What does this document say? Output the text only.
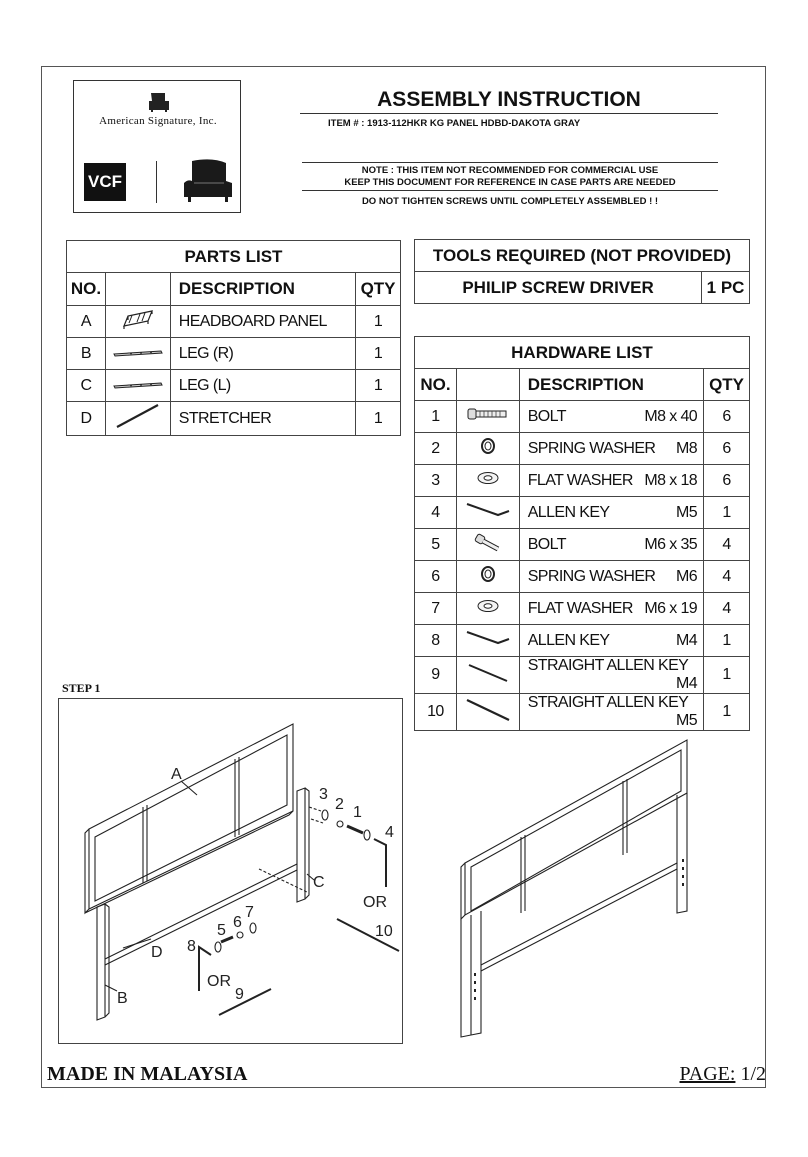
American Signature, Inc.
VCF
ASSEMBLY INSTRUCTION
ITEM # : 1913-112HKR KG PANEL HDBD-DAKOTA GRAY
NOTE : THIS ITEM NOT RECOMMENDED FOR COMMERCIAL USE
KEEP THIS DOCUMENT FOR REFERENCE IN CASE PARTS ARE NEEDED
DO NOT TIGHTEN SCREWS UNTIL COMPLETELY ASSEMBLED ! !
PARTS LIST			
NO.		DESCRIPTION	QTY
A		HEADBOARD PANEL	1
B		LEG (R)	1
C		LEG (L)	1
D		STRETCHER	1
TOOLS REQUIRED (NOT PROVIDED)
PHILIP SCREW DRIVER	1 PC
HARDWARE LIST			
NO.		DESCRIPTION	QTY
1		BOLT M8 x 40	6
2		SPRING WASHER M8	6
3		FLAT WASHER M8 x 18	6
4		ALLEN KEY M5	1
5		BOLT M6 x 35	4
6		SPRING WASHER M6	4
7		FLAT WASHER M6 x 19	4
8		ALLEN KEY M4	1
9		STRAIGHT ALLEN KEY
M4	1
10		STRAIGHT ALLEN KEY
M5	1
STEP 1
A
B
C
D
1
2
3
4
5 6
7
8
9
10
OR
OR
MADE IN MALAYSIA	PAGE: 1/2
